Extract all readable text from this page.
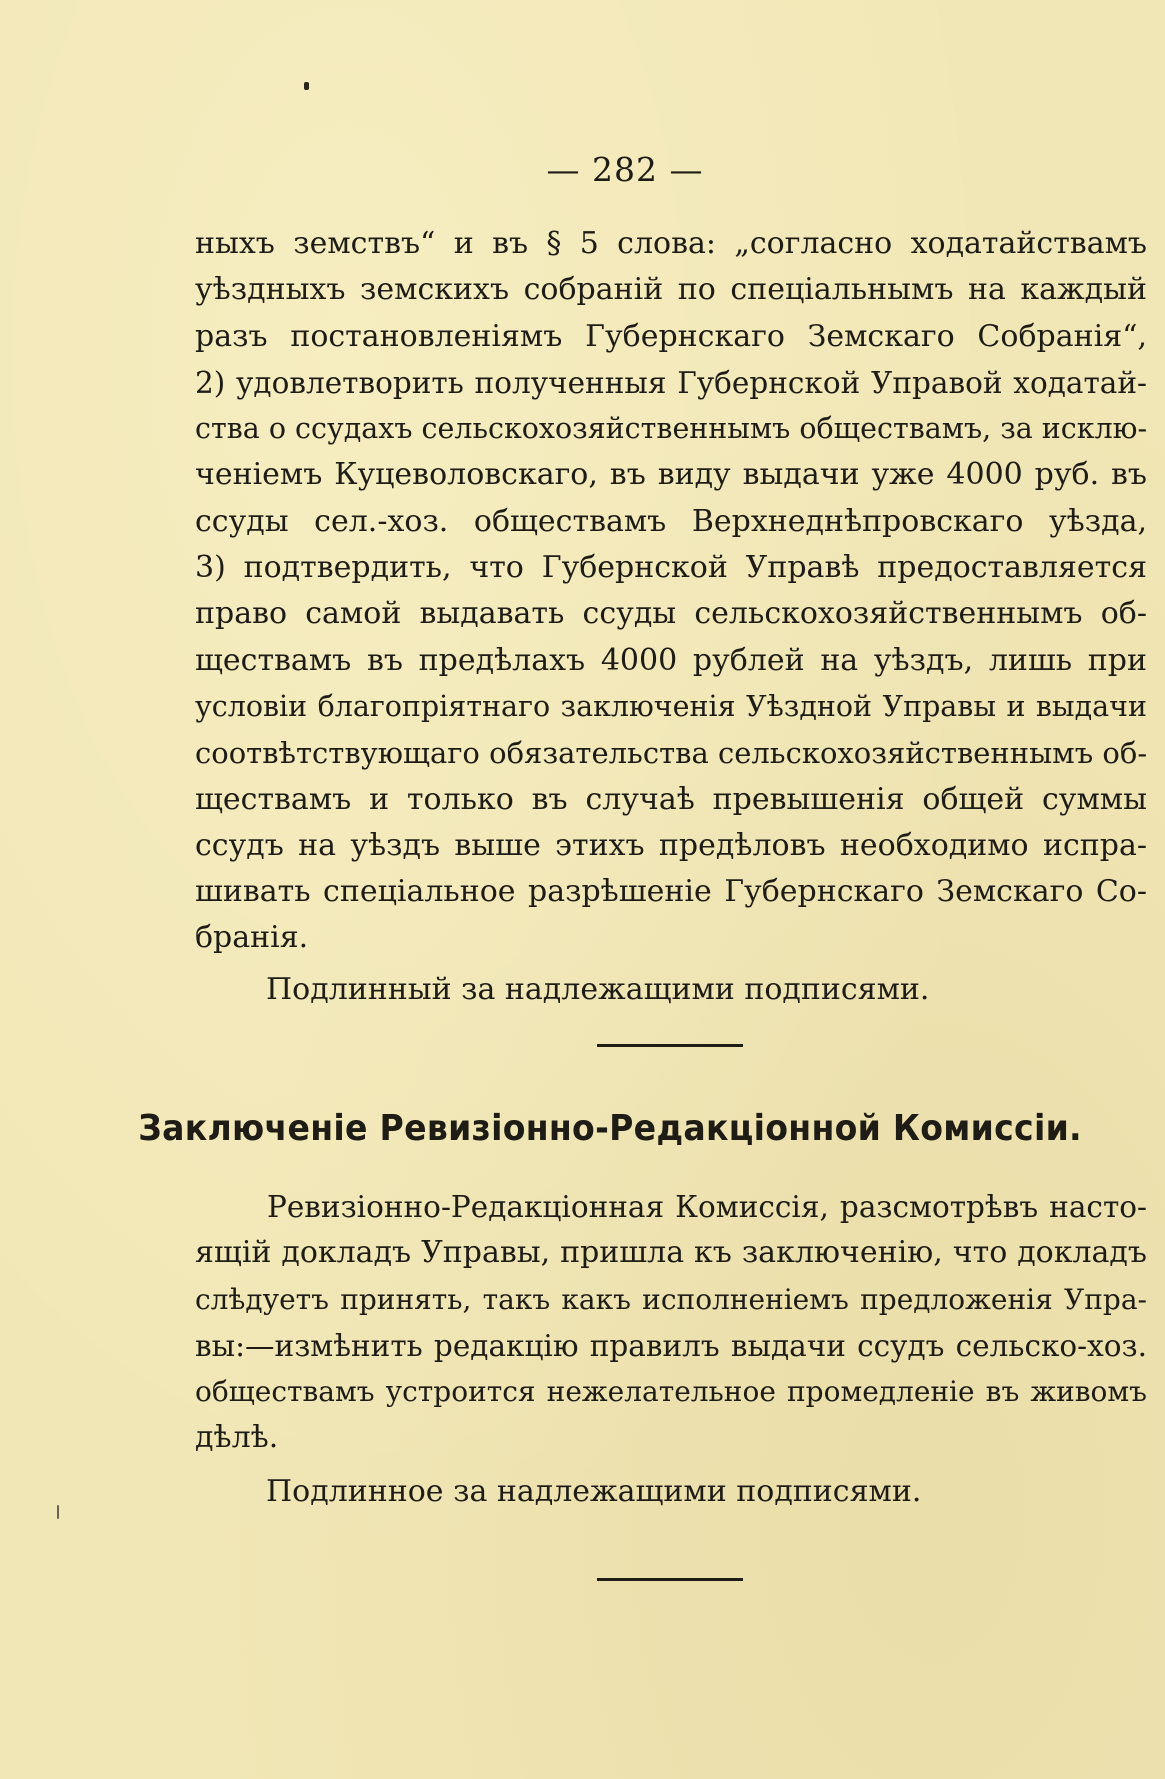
— 282 —
ныхъ земствъ“ и въ § 5 слова: „согласно ходатайствамъ
уѣздныхъ земскихъ собраній по спеціальнымъ на каждый
разъ постановленіямъ Губернскаго Земскаго Собранія“,
2) удовлетворить полученныя Губернской Управой ходатай-
ства о ссудахъ сельскохозяйственнымъ обществамъ, за исклю-
ченіемъ Куцеволовскаго, въ виду выдачи уже 4000 руб. въ
ссуды сел.-хоз. обществамъ Верхнеднѣпровскаго уѣзда,
3) подтвердить, что Губернской Управѣ предоставляется
право самой выдавать ссуды сельскохозяйственнымъ об-
ществамъ въ предѣлахъ 4000 рублей на уѣздъ, лишь при
условіи благопріятнаго заключенія Уѣздной Управы и выдачи
соотвѣтствующаго обязательства сельскохозяйственнымъ об-
ществамъ и только въ случаѣ превышенія общей суммы
ссудъ на уѣздъ выше этихъ предѣловъ необходимо испра-
шивать спеціальное разрѣшеніе Губернскаго Земскаго Со-
бранія.
Подлинный за надлежащими подписями.
Заключеніе Ревизіонно-Редакціонной Комиссіи.
Ревизіонно-Редакціонная Комиссія, разсмотрѣвъ насто-
ящій докладъ Управы, пришла къ заключенію, что докладъ
слѣдуетъ принять, такъ какъ исполненіемъ предложенія Упра-
вы:—измѣнить редакцію правилъ выдачи ссудъ сельско-хоз.
обществамъ устроится нежелательное промедленіе въ живомъ
дѣлѣ.
Подлинное за надлежащими подписями.
